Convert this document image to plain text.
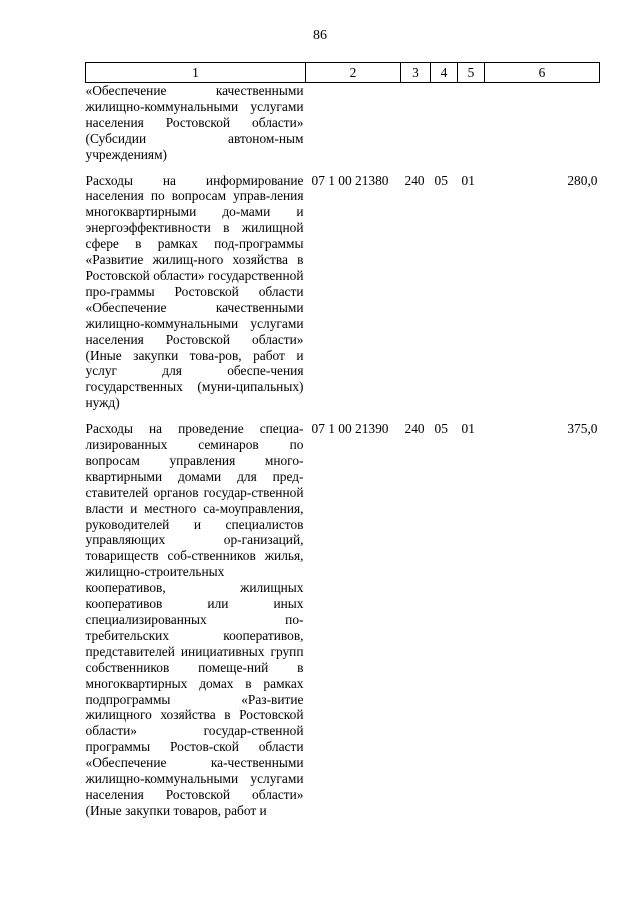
86
1	2	3	4	5	6
«Обеспечение качественными жилищно-коммунальными услугами населения Ростовской области» (Субсидии автоном-ным учреждениям)					
Расходы на информирование населения по вопросам управ-ления многоквартирными до-мами и энергоэффективности в жилищной сфере в рамках под-программы «Развитие жилищ-ного хозяйства в Ростовской области» государственной про-граммы Ростовской области «Обеспечение качественными жилищно-коммунальными услугами населения Ростовской области» (Иные закупки това-ров, работ и услуг для обеспе-чения государственных (муни-ципальных) нужд)	07 1 00 21380	240	05	01	280,0
Расходы на проведение специа-лизированных семинаров по вопросам управления много-квартирными домами для пред-ставителей органов государ-ственной власти и местного са-моуправления, руководителей и специалистов управляющих ор-ганизаций, товариществ соб-ственников жилья, жилищно-строительных кооперативов, жилищных кооперативов или иных специализированных по-требительских кооперативов, представителей инициативных групп собственников помеще-ний в многоквартирных домах в рамках подпрограммы «Раз-витие жилищного хозяйства в Ростовской области» государ-ственной программы Ростов-ской области «Обеспечение ка-чественными жилищно-коммунальными услугами населения Ростовской области» (Иные закупки товаров, работ и	07 1 00 21390	240	05	01	375,0
